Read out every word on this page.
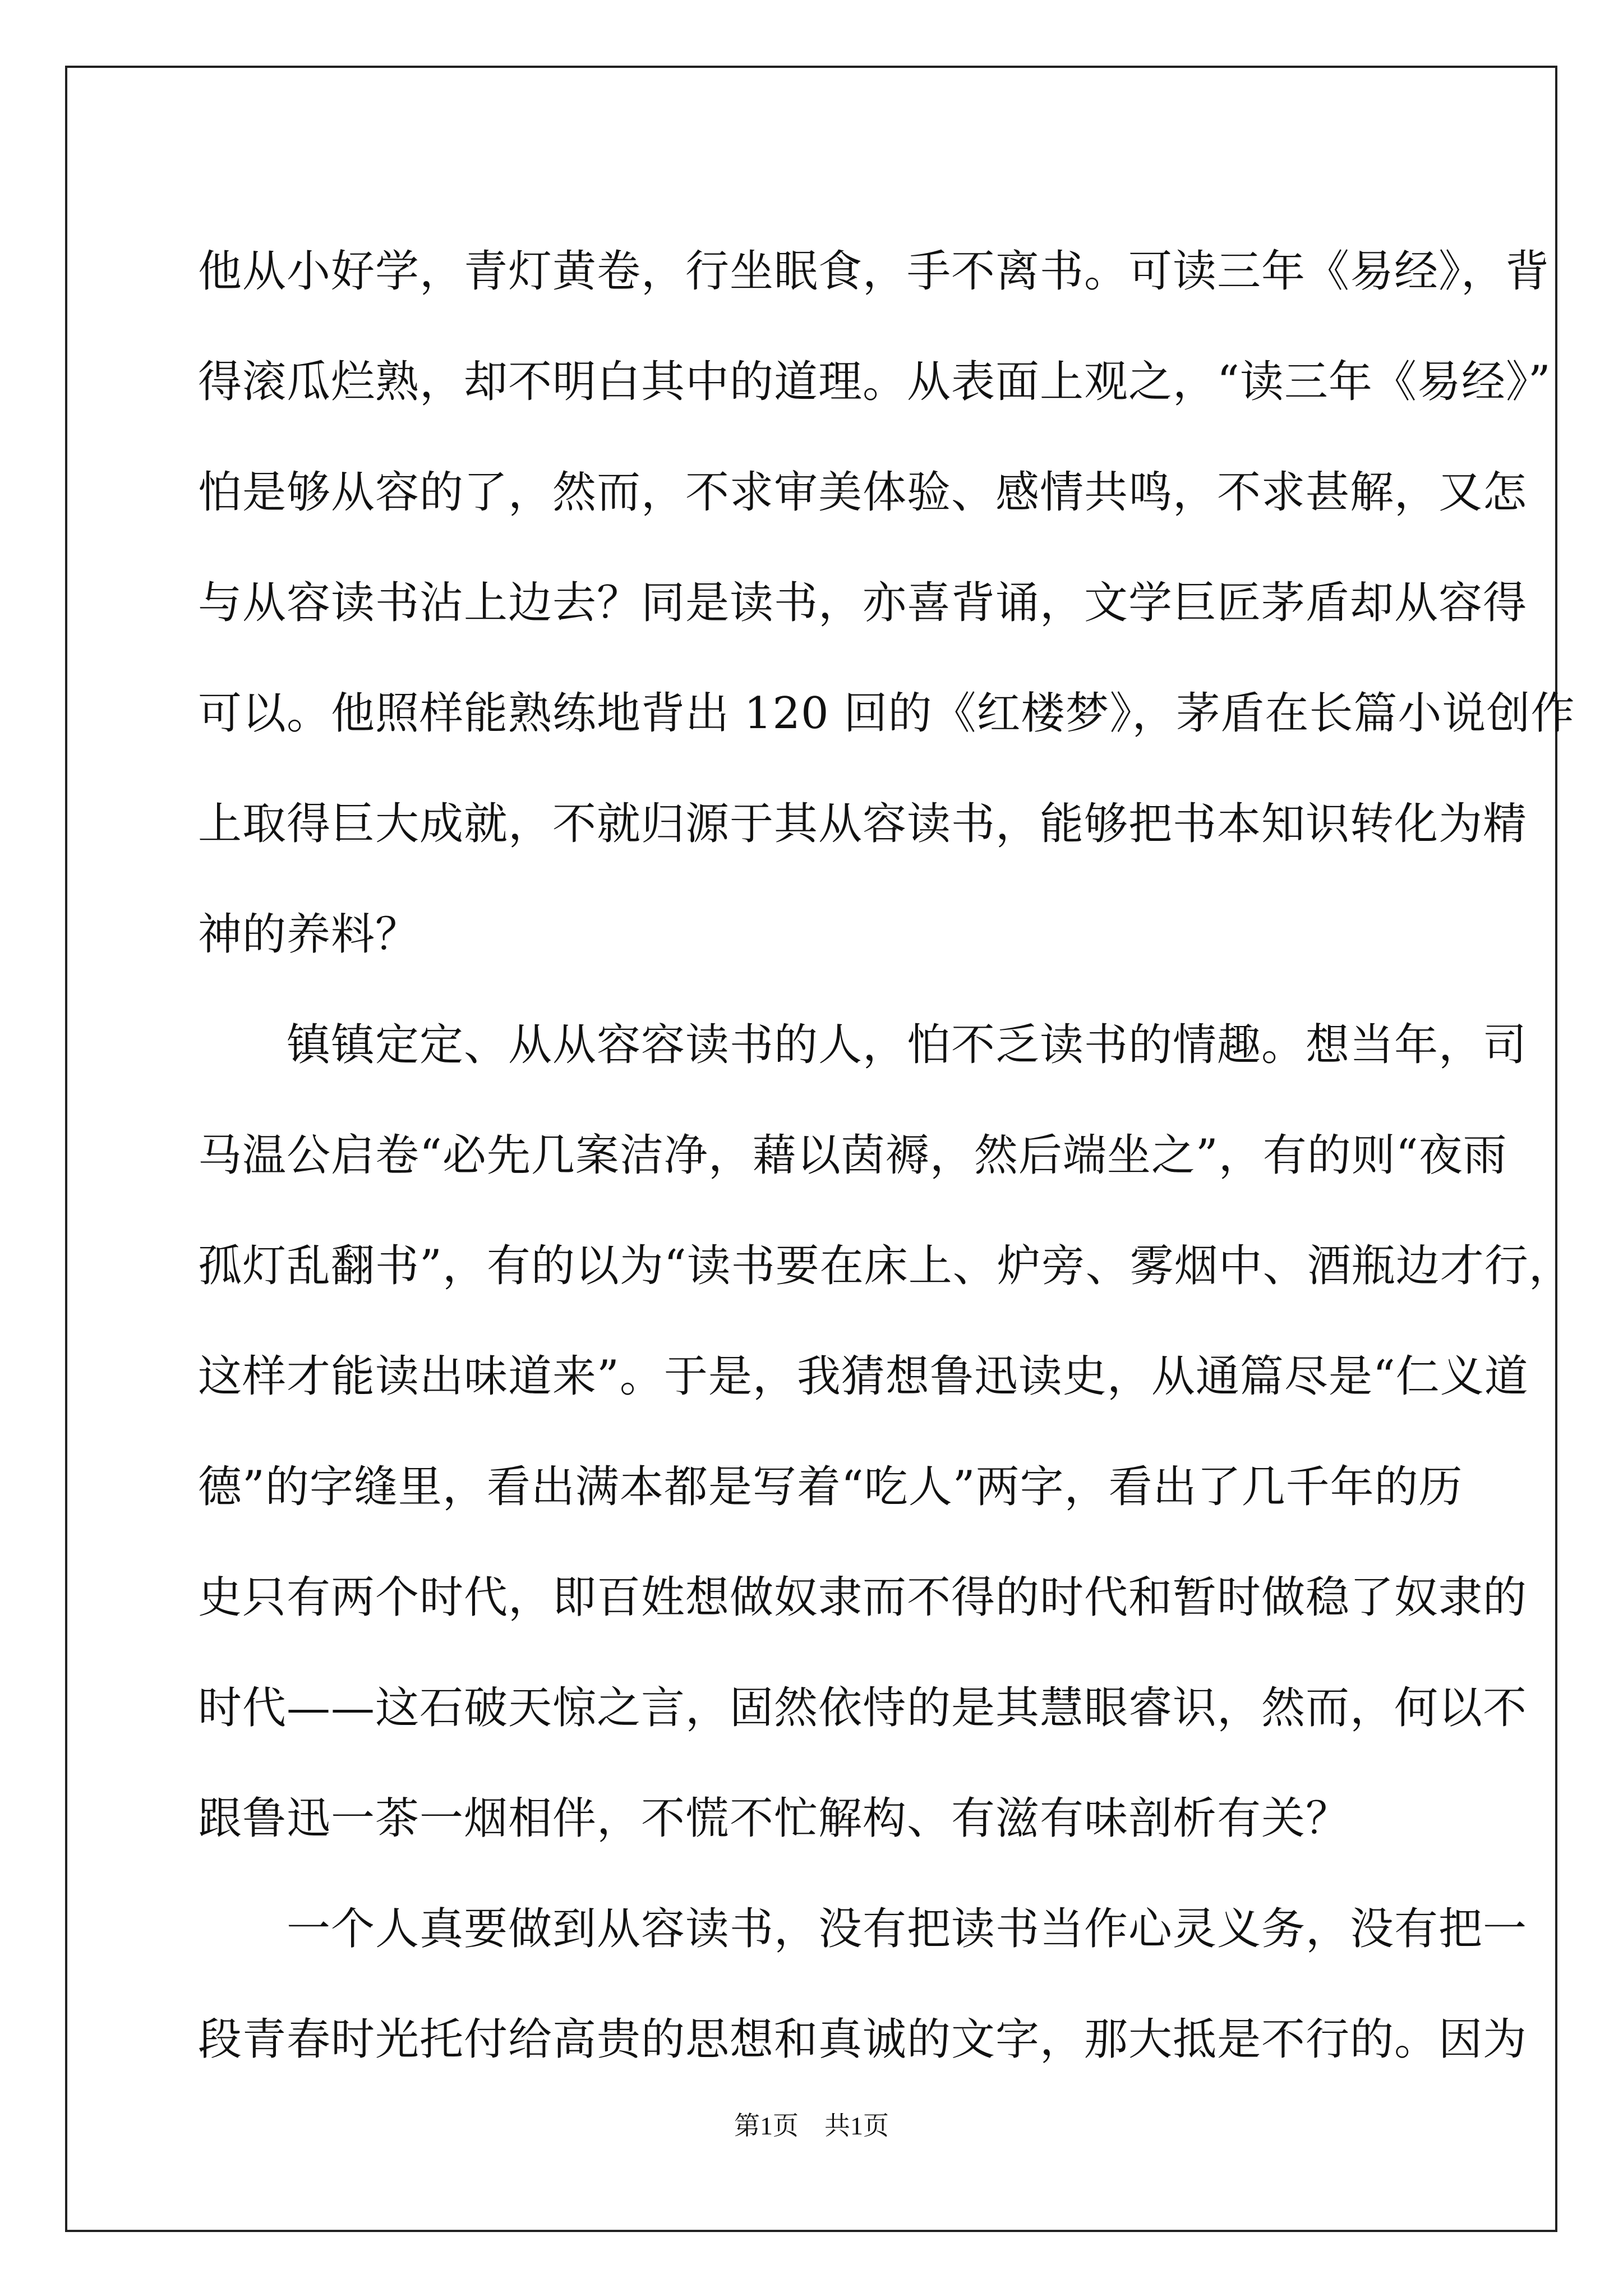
他从小好学，青灯黄卷，行坐眠食，手不离书。可读三年《易经》，背
得滚瓜烂熟，却不明白其中的道理。从表面上观之，“读三年《易经》”
怕是够从容的了，然而，不求审美体验、感情共鸣，不求甚解，又怎
与从容读书沾上边去？同是读书，亦喜背诵，文学巨匠茅盾却从容得
可以。他照样能熟练地背出 120 回的《红楼梦》，茅盾在长篇小说创作
上取得巨大成就，不就归源于其从容读书，能够把书本知识转化为精
神的养料？
　　镇镇定定、从从容容读书的人，怕不乏读书的情趣。想当年，司
马温公启卷“必先几案洁净，藉以茵褥，然后端坐之”，有的则“夜雨
孤灯乱翻书”，有的以为“读书要在床上、炉旁、雾烟中、酒瓶边才行，
这样才能读出味道来”。于是，我猜想鲁迅读史，从通篇尽是“仁义道
德”的字缝里，看出满本都是写着“吃人”两字，看出了几千年的历
史只有两个时代，即百姓想做奴隶而不得的时代和暂时做稳了奴隶的
时代——这石破天惊之言，固然依恃的是其慧眼睿识，然而，何以不
跟鲁迅一茶一烟相伴，不慌不忙解构、有滋有味剖析有关？
　　一个人真要做到从容读书，没有把读书当作心灵义务，没有把一
段青春时光托付给高贵的思想和真诚的文字，那大抵是不行的。因为
第1页　共1页
